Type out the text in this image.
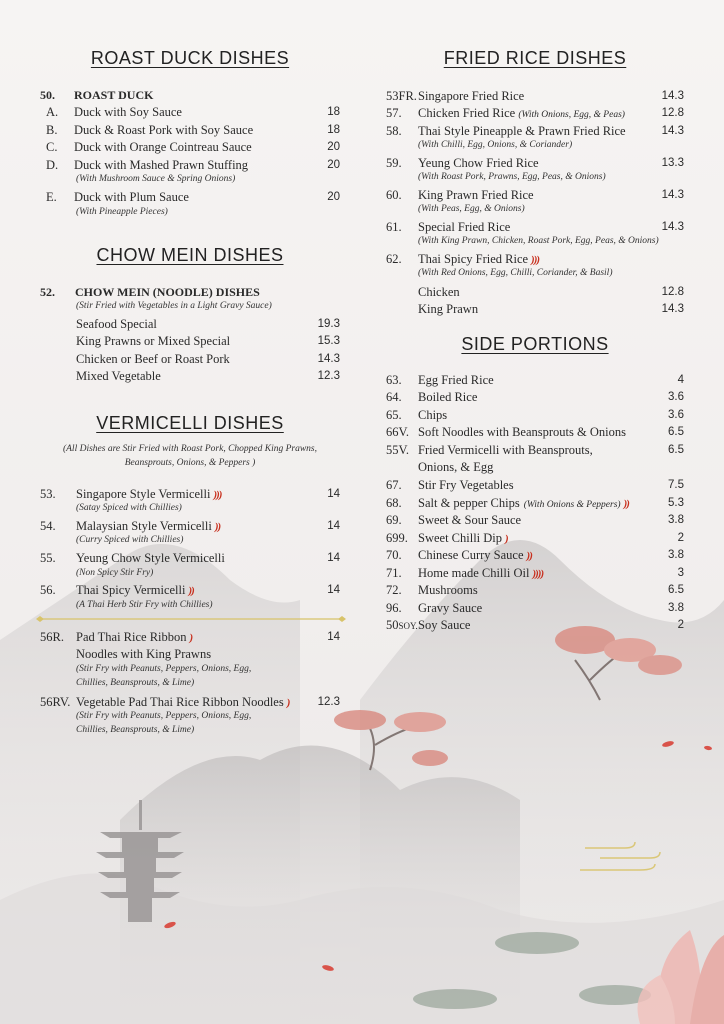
ROAST DUCK DISHES
50. ROAST DUCK
A. Duck with Soy Sauce	18
B. Duck & Roast Pork with Soy Sauce	18
C. Duck with Orange Cointreau Sauce	20
D. Duck with Mashed Prawn Stuffing	20
(With Mushroom Sauce & Spring Onions)
E. Duck with Plum Sauce	20
(With Pineapple Pieces)
CHOW MEIN DISHES
52. CHOW MEIN (NOODLE) DISHES
(Stir Fried with Vegetables in a Light Gravy Sauce)
Seafood Special	19.3
King Prawns or Mixed Special	15.3
Chicken or Beef or Roast Pork	14.3
Mixed Vegetable	12.3
VERMICELLI DISHES
(All Dishes are Stir Fried with Roast Pork, Chopped King Prawns,
Beansprouts, Onions, & Peppers )
53. Singapore Style Vermicelli )))	14
(Satay Spiced with Chillies)
54. Malaysian Style Vermicelli ))	14
(Curry Spiced with Chillies)
55. Yeung Chow Style Vermicelli	14
(Non Spicy Stir Fry)
56. Thai Spicy Vermicelli ))	14
(A Thai Herb Stir Fry with Chillies)
56R. Pad Thai Rice Ribbon )	14
Noodles with King Prawns
(Stir Fry with Peanuts, Peppers, Onions, Egg,
Chillies, Beansprouts, & Lime)
56RV. Vegetable Pad Thai Rice Ribbon Noodles )	12.3
(Stir Fry with Peanuts, Peppers, Onions, Egg,
Chillies, Beansprouts, & Lime)
FRIED RICE DISHES
53FR. Singapore Fried Rice	14.3
57. Chicken Fried Rice (With Onions, Egg, & Peas)	12.8
58. Thai Style Pineapple & Prawn Fried Rice	14.3
(With Chilli, Egg, Onions, & Coriander)
59. Yeung Chow Fried Rice	13.3
(With Roast Pork, Prawns, Egg, Peas, & Onions)
60. King Prawn Fried Rice	14.3
(With Peas, Egg, & Onions)
61. Special Fried Rice	14.3
(With King Prawn, Chicken, Roast Pork, Egg, Peas, & Onions)
62. Thai Spicy Fried Rice )))
(With Red Onions, Egg, Chilli, Coriander, & Basil)
Chicken	12.8
King Prawn	14.3
SIDE PORTIONS
63. Egg Fried Rice	4
64. Boiled Rice	3.6
65. Chips	3.6
66V. Soft Noodles with Beansprouts & Onions	6.5
55V. Fried Vermicelli with Beansprouts,	6.5
Onions, & Egg
67. Stir Fry Vegetables	7.5
68. Salt & pepper Chips (With Onions & Peppers) ))	5.3
69. Sweet & Sour Sauce	3.8
699. Sweet Chilli Dip )	2
70. Chinese Curry Sauce ))	3.8
71. Home made Chilli Oil ))))	3
72. Mushrooms	6.5
96. Gravy Sauce	3.8
50SOY. Soy Sauce	2
